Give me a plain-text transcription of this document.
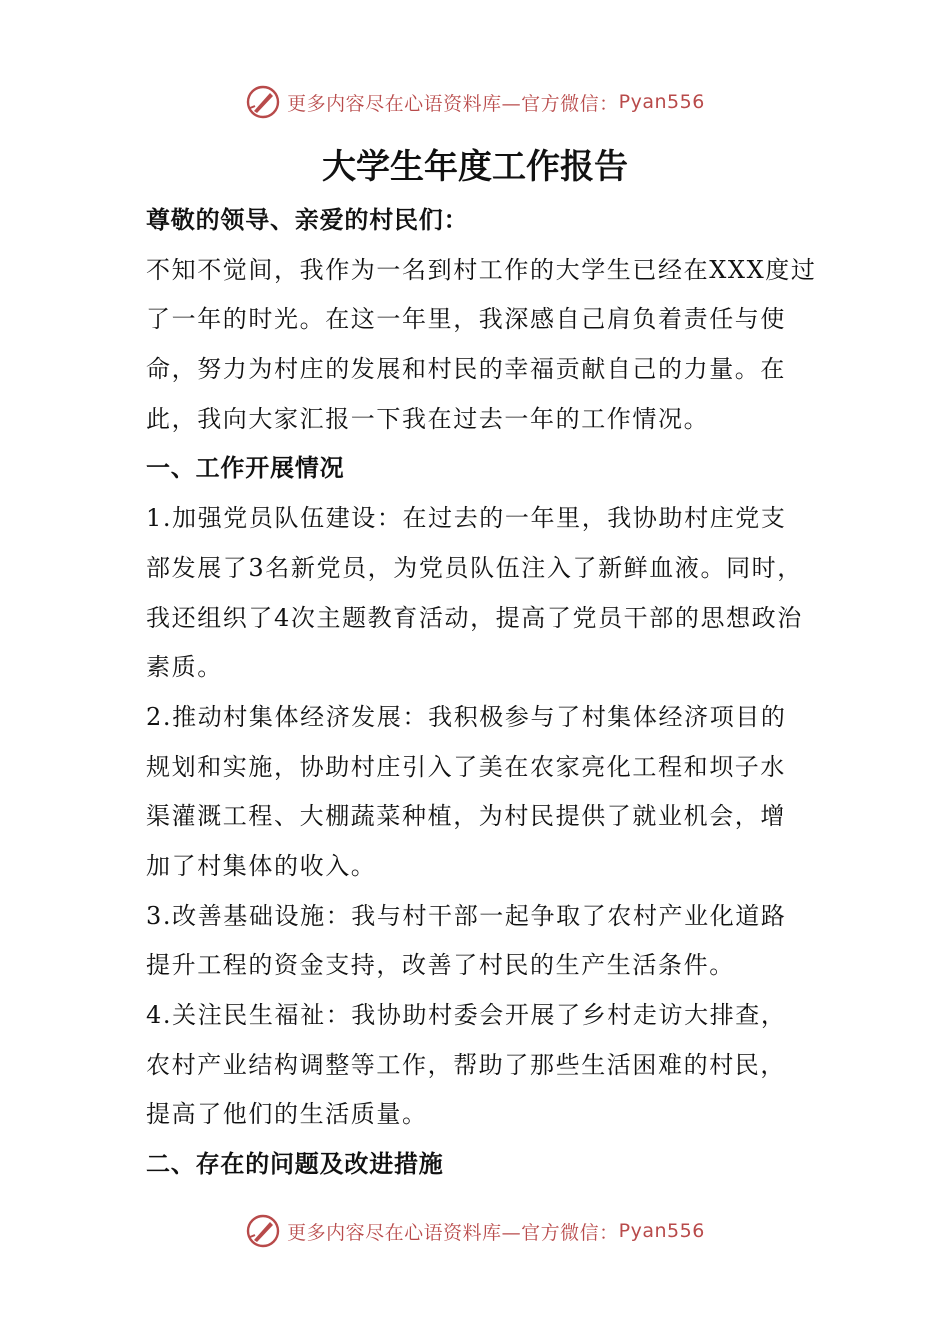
更多内容尽在心语资料库—官方微信： Pyan556
大学生年度工作报告
尊敬的领导、亲爱的村民们：
不知不觉间，我作为一名到村工作的大学生已经在XXX度过
了一年的时光。在这一年里，我深感自己肩负着责任与使
命，努力为村庄的发展和村民的幸福贡献自己的力量。在
此，我向大家汇报一下我在过去一年的工作情况。
一、工作开展情况
1.加强党员队伍建设：在过去的一年里，我协助村庄党支
部发展了3名新党员，为党员队伍注入了新鲜血液。同时，
我还组织了4次主题教育活动，提高了党员干部的思想政治
素质。
2.推动村集体经济发展：我积极参与了村集体经济项目的
规划和实施，协助村庄引入了美在农家亮化工程和坝子水
渠灌溉工程、大棚蔬菜种植，为村民提供了就业机会，增
加了村集体的收入。
3.改善基础设施：我与村干部一起争取了农村产业化道路
提升工程的资金支持，改善了村民的生产生活条件。
4.关注民生福祉：我协助村委会开展了乡村走访大排查，
农村产业结构调整等工作，帮助了那些生活困难的村民，
提高了他们的生活质量。
二、存在的问题及改进措施
更多内容尽在心语资料库—官方微信： Pyan556
